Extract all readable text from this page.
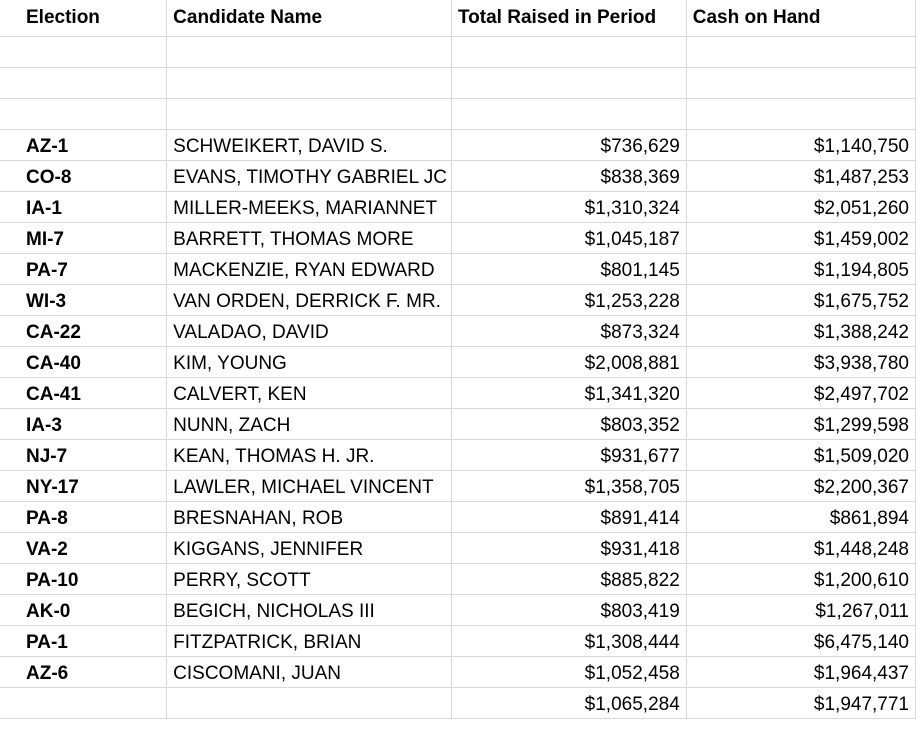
Election	Candidate Name	Total Raised in Period	Cash on Hand

AZ-1	SCHWEIKERT, DAVID S.	$736,629	$1,140,750
CO-8	EVANS, TIMOTHY GABRIEL JC	$838,369	$1,487,253
IA-1	MILLER-MEEKS, MARIANNET	$1,310,324	$2,051,260
MI-7	BARRETT, THOMAS MORE	$1,045,187	$1,459,002
PA-7	MACKENZIE, RYAN EDWARD	$801,145	$1,194,805
WI-3	VAN ORDEN, DERRICK F. MR.	$1,253,228	$1,675,752
CA-22	VALADAO, DAVID	$873,324	$1,388,242
CA-40	KIM, YOUNG	$2,008,881	$3,938,780
CA-41	CALVERT, KEN	$1,341,320	$2,497,702
IA-3	NUNN, ZACH	$803,352	$1,299,598
NJ-7	KEAN, THOMAS H. JR.	$931,677	$1,509,020
NY-17	LAWLER, MICHAEL VINCENT	$1,358,705	$2,200,367
PA-8	BRESNAHAN, ROB	$891,414	$861,894
VA-2	KIGGANS, JENNIFER	$931,418	$1,448,248
PA-10	PERRY, SCOTT	$885,822	$1,200,610
AK-0	BEGICH, NICHOLAS III	$803,419	$1,267,011
PA-1	FITZPATRICK, BRIAN	$1,308,444	$6,475,140
AZ-6	CISCOMANI, JUAN	$1,052,458	$1,964,437
		$1,065,284	$1,947,771
